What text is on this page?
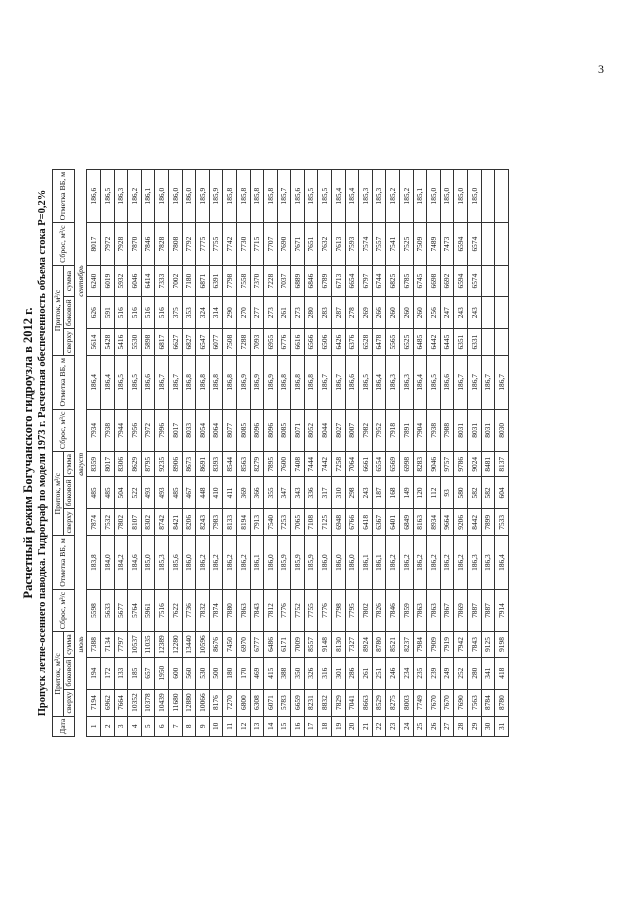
3
Расчетный режим Богучанского гидроузла в 2012 г. Пропуск летне-осеннего паводка. Гидрограф по модели 1973 г. Расчетная обеспеченность объема стока P=0,2%
Дата	Приток, м³/с			Сброс, м³/с	Отметка ВБ, м	Приток, м³/с			Сброс, м³/с	Отметка ВБ, м	Приток, м³/с			Сброс, м³/с	Отметка ВБ, м
	сверху	боковой	сумма			сверху	боковой	сумма			сверху	боковой	сумма		
			июль					август					сентябрь		
1	7194	194	7388	5598	183,8	7874	485	8359	7934	186,4	5614	626	6240	8017	186,6
2	6962	172	7134	5633	184,0	7532	485	8017	7938	186,4	5428	591	6019	7972	186,5
3	7664	133	7797	5677	184,2	7802	504	8306	7944	186,5	5416	516	5932	7928	186,3
4	10352	185	10537	5764	184,6	8107	522	8629	7956	186,5	5530	516	6046	7870	186,2
5	10378	657	11035	5961	185,0	8302	493	8795	7972	186,6	5898	516	6414	7846	186,1
6	10439	1950	12389	7516	185,3	8742	493	9235	7996	186,7	6817	516	7333	7828	186,0
7	11680	600	12280	7622	185,6	8421	485	8906	8017	186,7	6627	375	7002	7808	186,0
8	12880	560	13440	7736	186,0	8206	467	8673	8033	186,8	6827	353	7180	7792	186,0
9	10066	530	10596	7832	186,2	8243	448	8691	8054	186,8	6547	324	6871	7775	185,9
10	8176	500	8676	7874	186,2	7983	410	8393	8064	186,8	6077	314	6391	7755	185,9
11	7270	180	7450	7880	186,2	8133	411	8544	8077	186,8	7508	290	7798	7742	185,8
12	6800	170	6970	7863	186,2	8194	369	8563	8085	186,9	7288	270	7558	7730	185,8
13	6308	469	6777	7843	186,1	7913	366	8279	8096	186,9	7093	277	7370	7715	185,8
14	6071	415	6486	7812	186,0	7540	355	7895	8096	186,9	6955	273	7228	7707	185,8
15	5783	388	6171	7776	185,9	7253	347	7600	8085	186,8	6776	261	7037	7690	185,7
16	6659	350	7009	7752	185,9	7065	343	7408	8071	186,8	6616	273	6889	7671	185,6
17	8231	326	8557	7755	185,9	7108	336	7444	8052	186,8	6566	280	6846	7651	185,5
18	8832	316	9148	7776	186,0	7125	317	7442	8044	186,7	6506	283	6789	7632	185,5
19	7829	301	8130	7798	186,0	6948	310	7258	8027	186,7	6426	287	6713	7613	185,4
20	7041	286	7327	7795	186,0	6766	298	7064	8007	186,6	6376	278	6654	7593	185,4
21	8663	261	8924	7802	186,1	6418	243	6661	7982	186,5	6528	269	6797	7574	185,3
22	8529	251	8780	7826	186,1	6367	187	6554	7952	186,4	6478	266	6744	7557	185,3
23	8275	246	8521	7846	186,2	6401	168	6569	7918	186,3	5565	260	6825	7541	185,2
24	8003	234	8237	7859	186,2	6849	149	6998	7891	186,3	6525	260	6785	7525	185,2
25	7749	235	7984	7863	186,2	8163	120	8283	7904	186,4	6485	260	6745	7509	185,1
26	7670	239	7909	7863	186,2	8934	112	9046	7938	186,5	6442	256	6698	7489	185,0
27	7670	249	7919	7867	186,2	9664	93	9757	7988	186,6	6445	247	6692	7473	185,0
28	7690	252	7942	7869	186,2	9206	580	9786	8031	186,7	6351	243	6594	6594	185,0
29	7563	280	7843	7887	186,3	8442	582	9024	8031	186,7	6331	243	6574	6574	185,0
30	8784	341	9125	7887	186,3	7899	582	8481	8031	186,7					
31	8780	418	9198	7914	186,4	7533	604	8137	8030	186,7					
